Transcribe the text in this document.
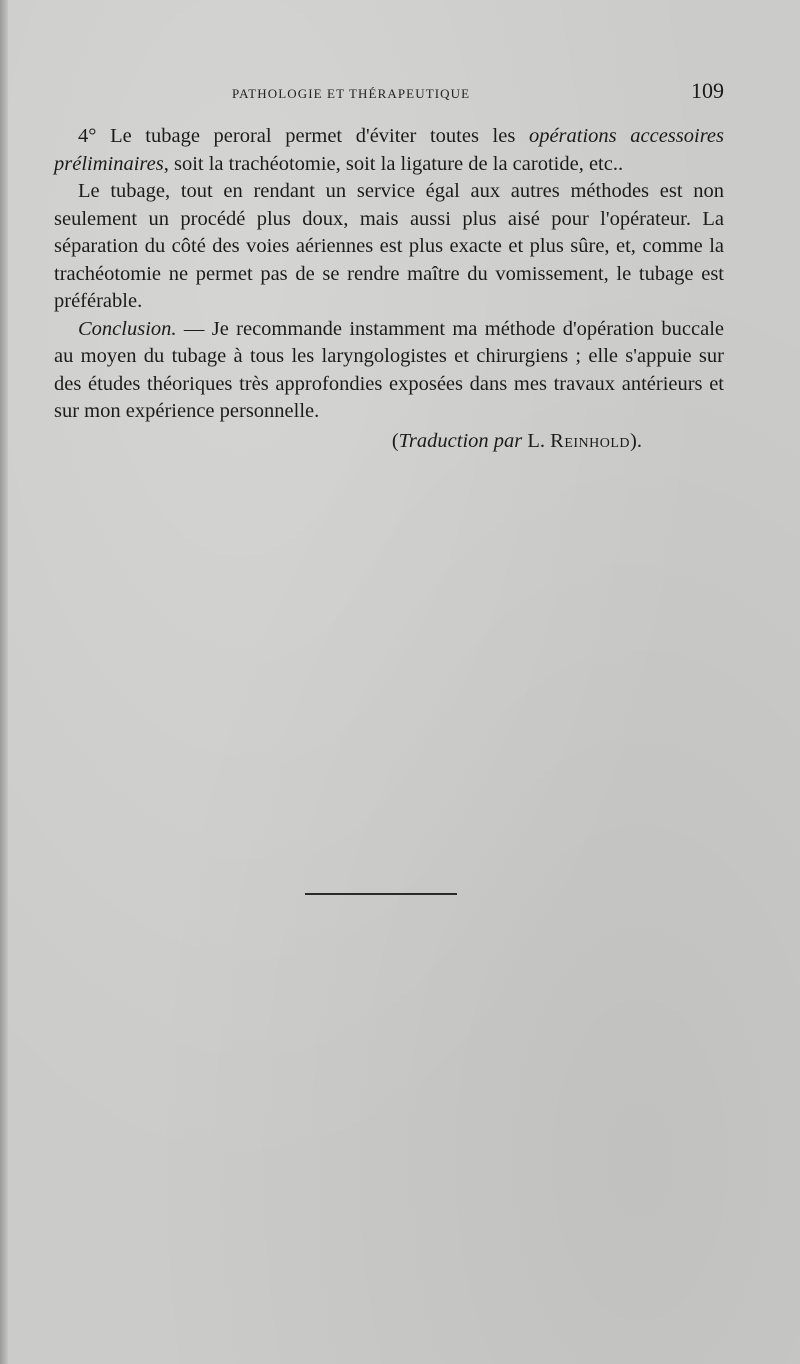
PATHOLOGIE ET THÉRAPEUTIQUE	109

4° Le tubage peroral permet d'éviter toutes les opérations accessoires préliminaires, soit la trachéotomie, soit la ligature de la carotide, etc..

Le tubage, tout en rendant un service égal aux autres méthodes est non seulement un procédé plus doux, mais aussi plus aisé pour l'opérateur. La séparation du côté des voies aériennes est plus exacte et plus sûre, et, comme la trachéotomie ne permet pas de se rendre maître du vomissement, le tubage est préférable.

Conclusion. — Je recommande instamment ma méthode d'opération buccale au moyen du tubage à tous les laryngologistes et chirurgiens ; elle s'appuie sur des études théoriques très approfondies exposées dans mes travaux antérieurs et sur mon expérience personnelle.

(Traduction par L. Reinhold).
